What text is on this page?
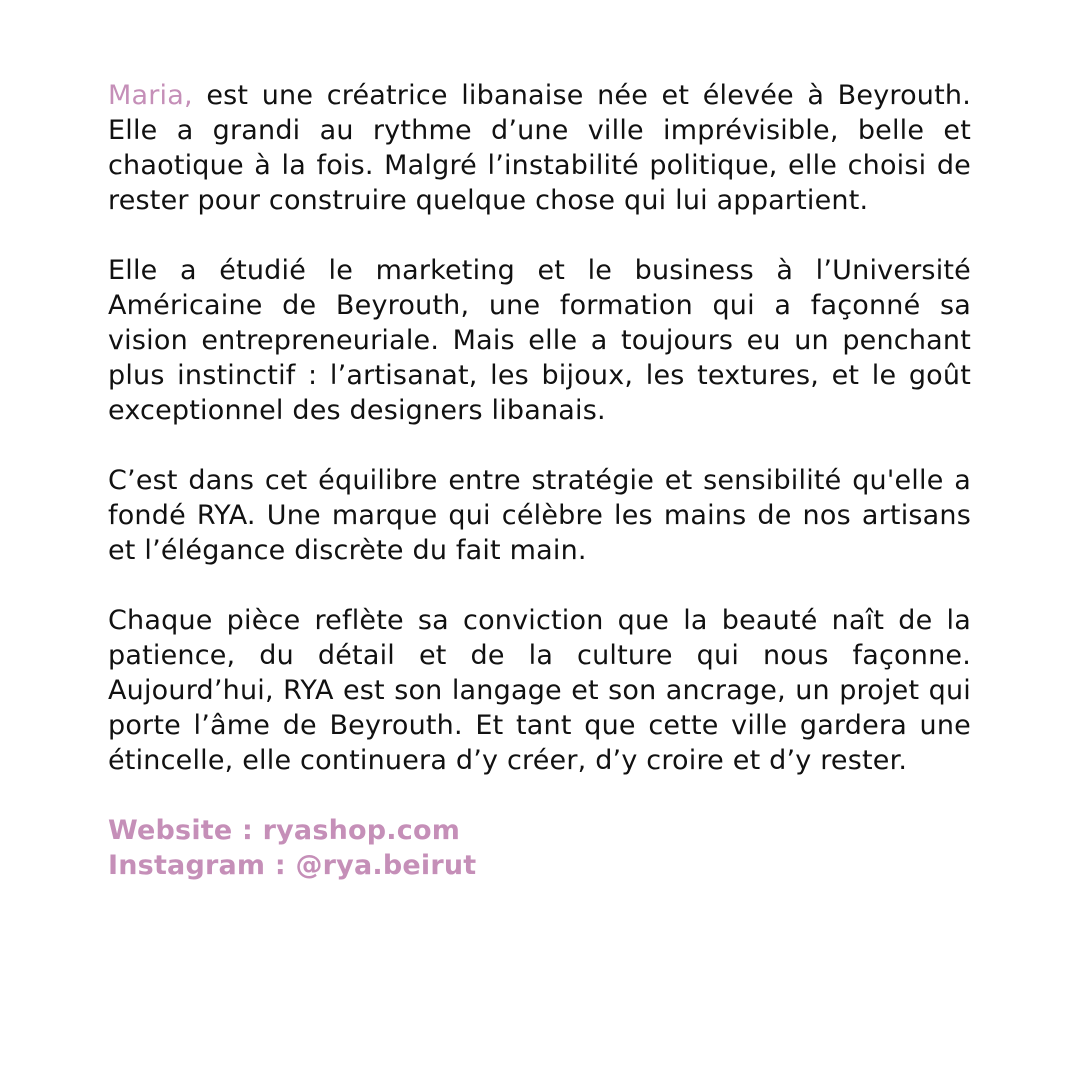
Maria, est une créatrice libanaise née et élevée à Beyrouth. Elle a grandi au rythme d’une ville imprévisible, belle et chaotique à la fois. Malgré l’instabilité politique, elle choisi de rester pour construire quelque chose qui lui appartient.

Elle a étudié le marketing et le business à l’Université Américaine de Beyrouth, une formation qui a façonné sa vision entrepreneuriale. Mais elle a toujours eu un penchant plus instinctif : l’artisanat, les bijoux, les textures, et le goût exceptionnel des designers libanais.

C’est dans cet équilibre entre stratégie et sensibilité qu'elle a fondé RYA. Une marque qui célèbre les mains de nos artisans et l’élégance discrète du fait main.

Chaque pièce reflète sa conviction que la beauté naît de la patience, du détail et de la culture qui nous façonne. Aujourd’hui, RYA est son langage et son ancrage, un projet qui porte l’âme de Beyrouth. Et tant que cette ville gardera une étincelle, elle continuera d’y créer, d’y croire et d’y rester.

Website : ryashop.com
Instagram : @rya.beirut
